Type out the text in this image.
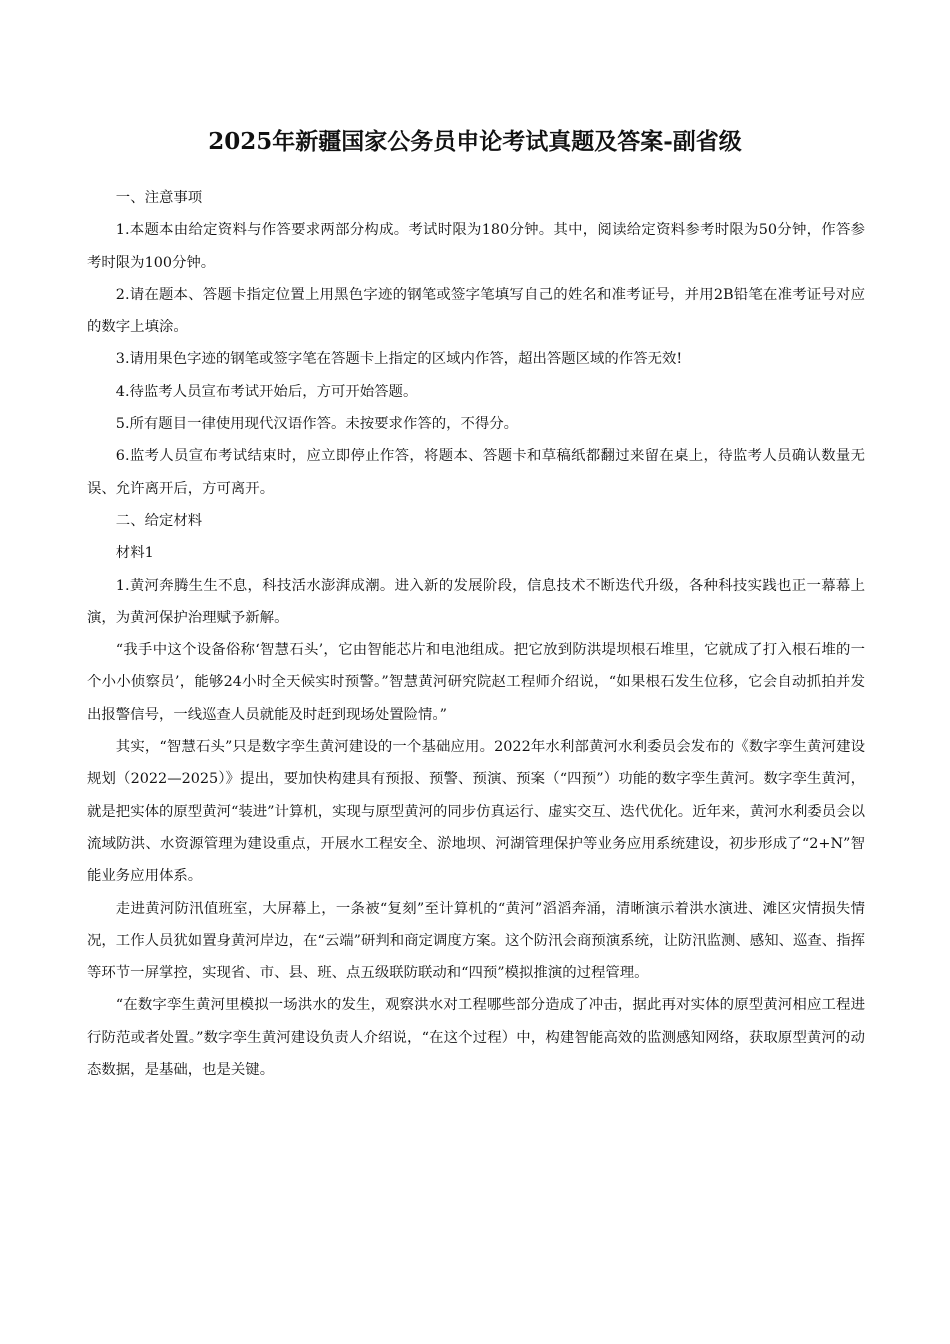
2025年新疆国家公务员申论考试真题及答案-副省级

一、注意事项

1.本题本由给定资料与作答要求两部分构成。考试时限为180分钟。其中，阅读给定资料参考时限为50分钟，作答参考时限为100分钟。

2.请在题本、答题卡指定位置上用黑色字迹的钢笔或签字笔填写自己的姓名和准考证号，并用2B铅笔在准考证号对应的数字上填涂。

3.请用果色字迹的钢笔或签字笔在答题卡上指定的区域内作答，超出答题区域的作答无效!

4.待监考人员宣布考试开始后，方可开始答题。

5.所有题目一律使用现代汉语作答。未按要求作答的，不得分。

6.监考人员宣布考试结束时，应立即停止作答，将题本、答题卡和草稿纸都翻过来留在桌上，待监考人员确认数量无误、允许离开后，方可离开。

二、给定材料

材料1

1.黄河奔腾生生不息，科技活水澎湃成潮。进入新的发展阶段，信息技术不断迭代升级，各种科技实践也正一幕幕上演，为黄河保护治理赋予新解。

“我手中这个设备俗称‘智慧石头’，它由智能芯片和电池组成。把它放到防洪堤坝根石堆里，它就成了打入根石堆的一个小小侦察员’，能够24小时全天候实时预警。”智慧黄河研究院赵工程师介绍说，“如果根石发生位移，它会自动抓拍并发出报警信号，一线巡查人员就能及时赶到现场处置险情。”

其实，“智慧石头”只是数字孪生黄河建设的一个基础应用。2022年水利部黄河水利委员会发布的《数字孪生黄河建设规划（2022—2025）》提出，要加快构建具有预报、预警、预演、预案（“四预”）功能的数字孪生黄河。数字孪生黄河，就是把实体的原型黄河“装进”计算机，实现与原型黄河的同步仿真运行、虚实交互、迭代优化。近年来，黄河水利委员会以流域防洪、水资源管理为建设重点，开展水工程安全、淤地坝、河湖管理保护等业务应用系统建设，初步形成了“2+N”智能业务应用体系。

走进黄河防汛值班室，大屏幕上，一条被“复刻”至计算机的“黄河”滔滔奔涌，清晰演示着洪水演进、滩区灾情损失情况，工作人员犹如置身黄河岸边，在“云端”研判和商定调度方案。这个防汛会商预演系统，让防汛监测、感知、巡查、指挥等环节一屏掌控，实现省、市、县、班、点五级联防联动和“四预”模拟推演的过程管理。

“在数字孪生黄河里模拟一场洪水的发生，观察洪水对工程哪些部分造成了冲击，据此再对实体的原型黄河相应工程进行防范或者处置。”数字孪生黄河建设负责人介绍说，“在这个过程）中，构建智能高效的监测感知网络，获取原型黄河的动态数据，是基础，也是关键。
